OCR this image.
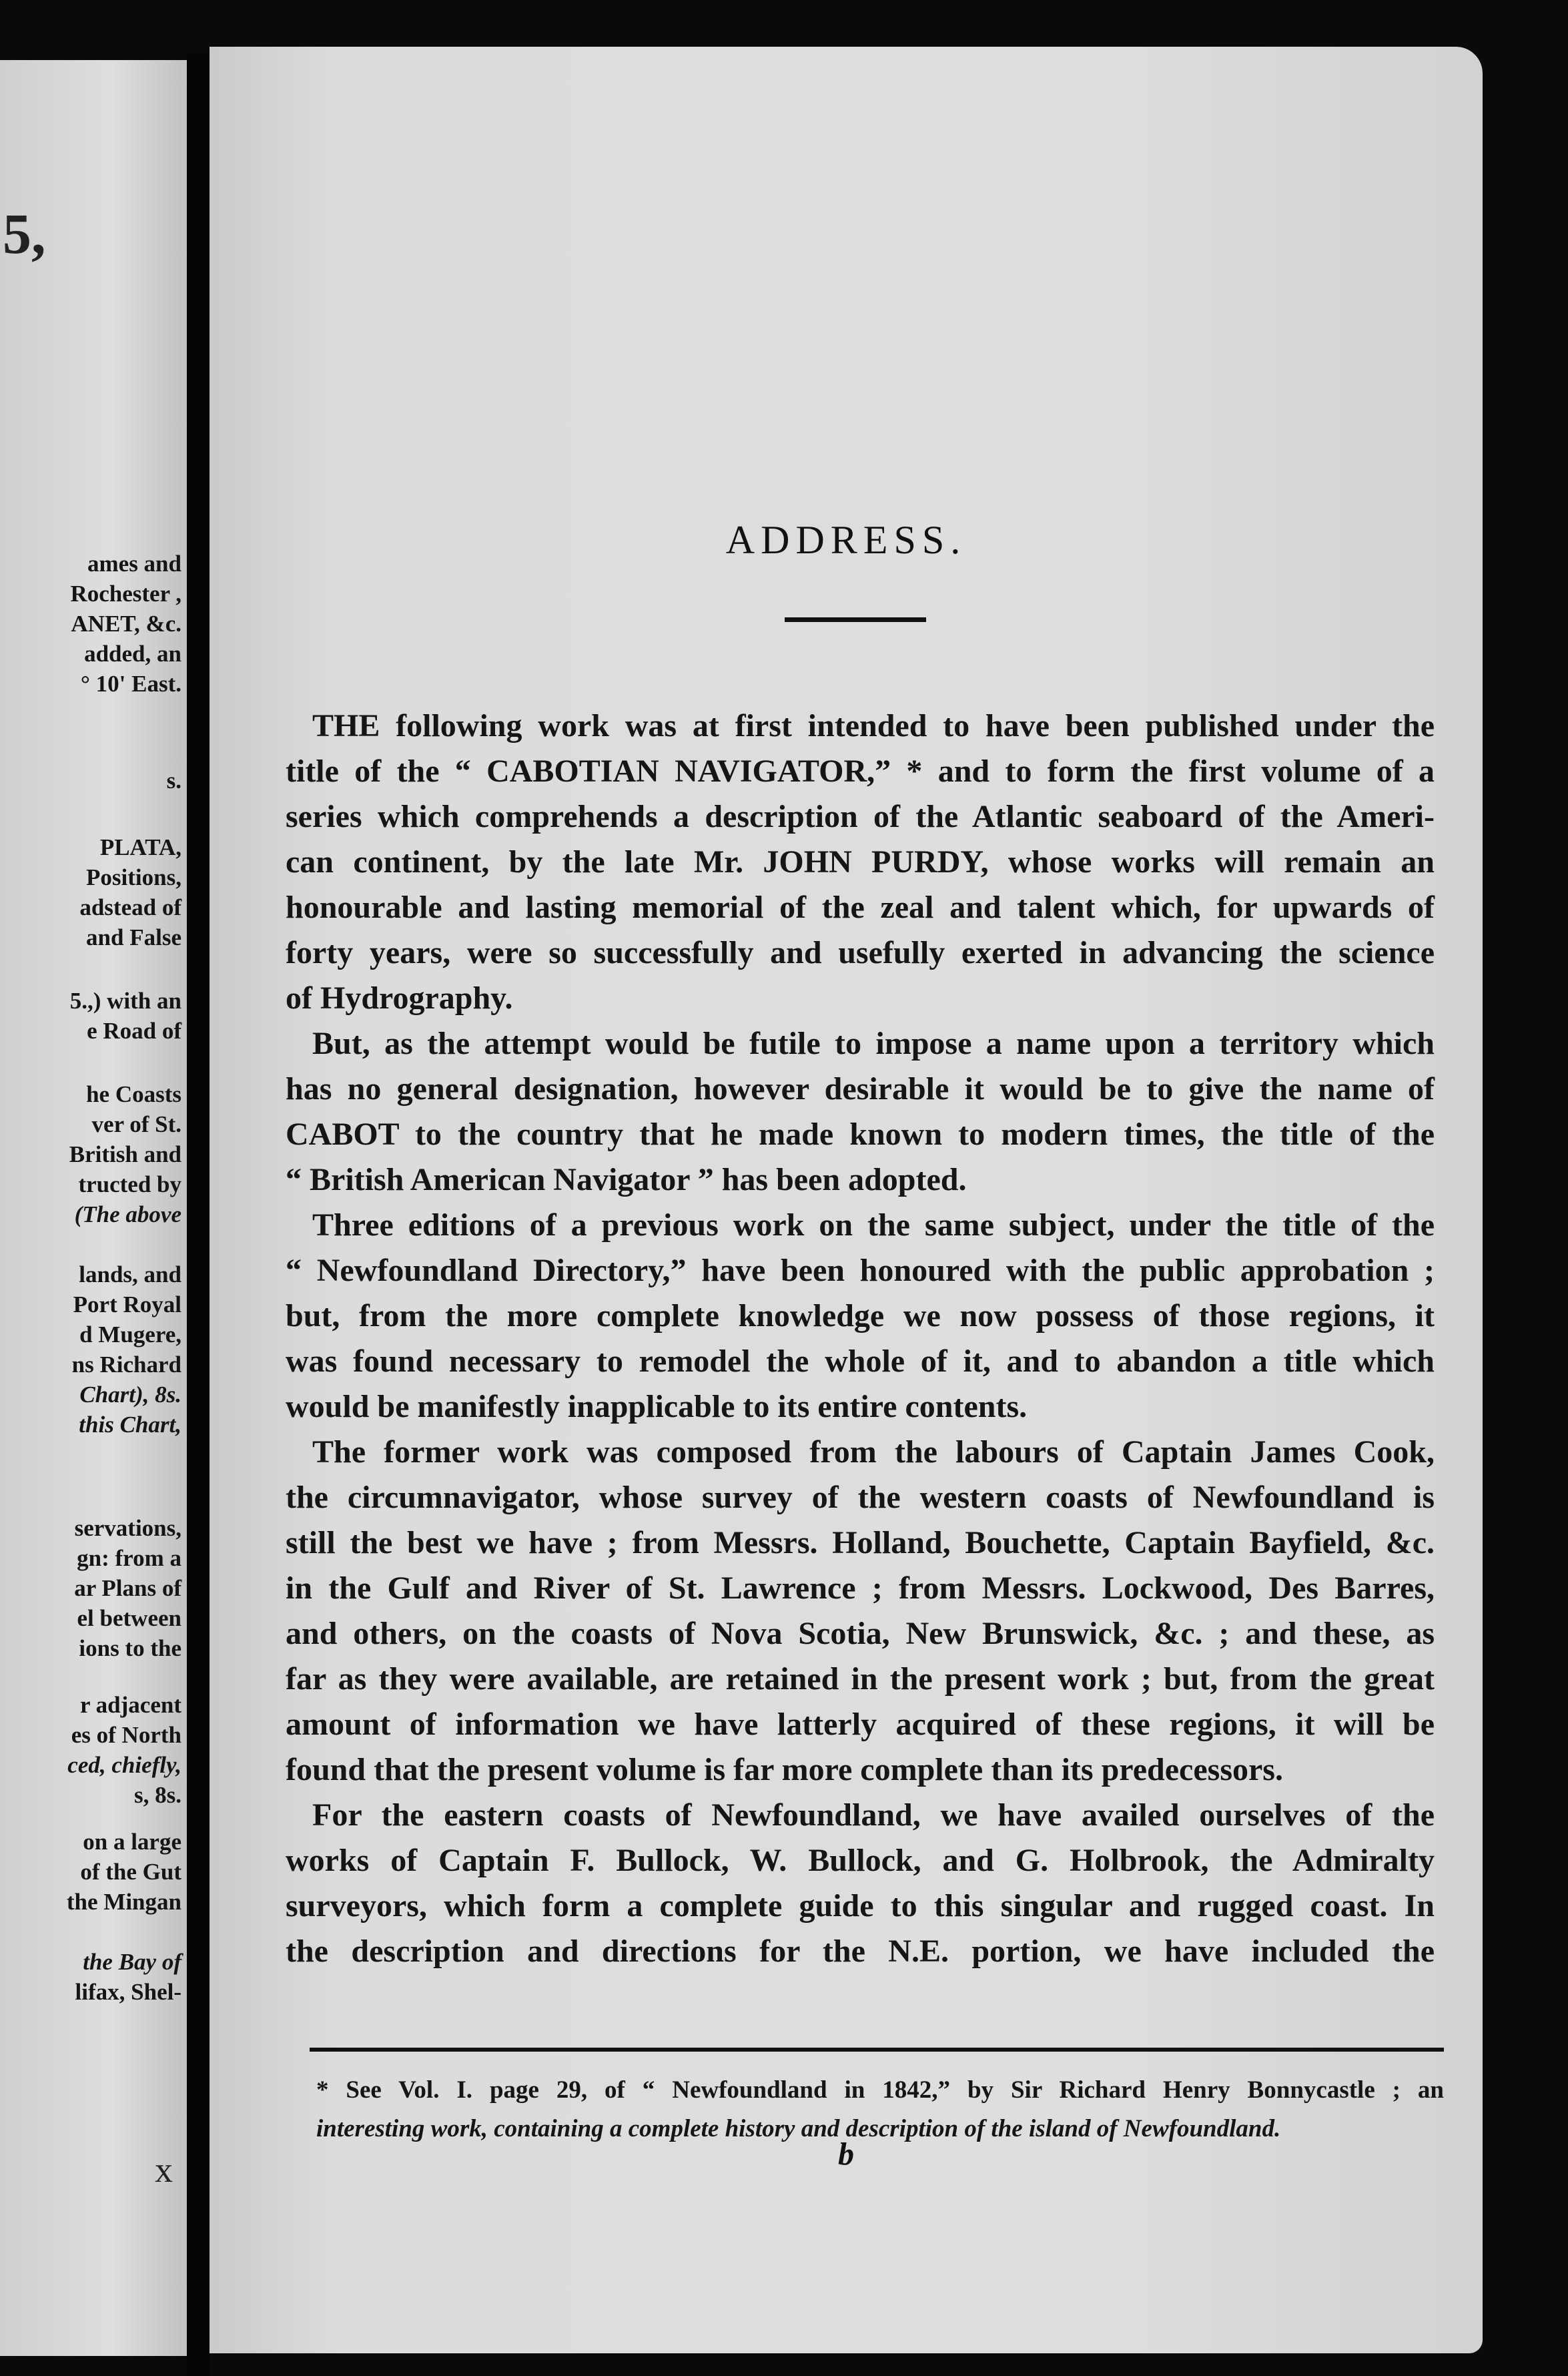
5,
ames and
Rochester ,
ANET, &c.
added, an
° 10' East.
s.
PLATA,
Positions,
adstead of
and False
5.,) with an
e Road of
he Coasts
ver of St.
British and
tructed by
(The above
lands, and
Port Royal
d Mugere,
ns Richard
Chart), 8s.
this Chart,
servations,
gn: from a
ar Plans of
el between
ions to the
r adjacent
es of North
ced, chiefly,
s, 8s.
on a large
of the Gut
the Mingan
the Bay of
lifax, Shel-
x
ADDRESS.
THE following work was at first intended to have been published under the
title of the “ CABOTIAN NAVIGATOR,” * and to form the first volume of a
series which comprehends a description of the Atlantic seaboard of the Ameri-
can continent, by the late Mr. JOHN PURDY, whose works will remain an
honourable and lasting memorial of the zeal and talent which, for upwards of
forty years, were so successfully and usefully exerted in advancing the science
of Hydrography.
But, as the attempt would be futile to impose a name upon a territory which
has no general designation, however desirable it would be to give the name of
CABOT to the country that he made known to modern times, the title of the
“ British American Navigator ” has been adopted.
Three editions of a previous work on the same subject, under the title of the
“ Newfoundland Directory,” have been honoured with the public approbation ;
but, from the more complete knowledge we now possess of those regions, it
was found necessary to remodel the whole of it, and to abandon a title which
would be manifestly inapplicable to its entire contents.
The former work was composed from the labours of Captain James Cook,
the circumnavigator, whose survey of the western coasts of Newfoundland is
still the best we have ; from Messrs. Holland, Bouchette, Captain Bayfield, &c.
in the Gulf and River of St. Lawrence ; from Messrs. Lockwood, Des Barres,
and others, on the coasts of Nova Scotia, New Brunswick, &c. ; and these, as
far as they were available, are retained in the present work ; but, from the great
amount of information we have latterly acquired of these regions, it will be
found that the present volume is far more complete than its predecessors.
For the eastern coasts of Newfoundland, we have availed ourselves of the
works of Captain F. Bullock, W. Bullock, and G. Holbrook, the Admiralty
surveyors, which form a complete guide to this singular and rugged coast. In
the description and directions for the N.E. portion, we have included the
* See Vol. I. page 29, of “ Newfoundland in 1842,” by Sir Richard Henry Bonnycastle ; an
interesting work, containing a complete history and description of the island of Newfoundland.
b
